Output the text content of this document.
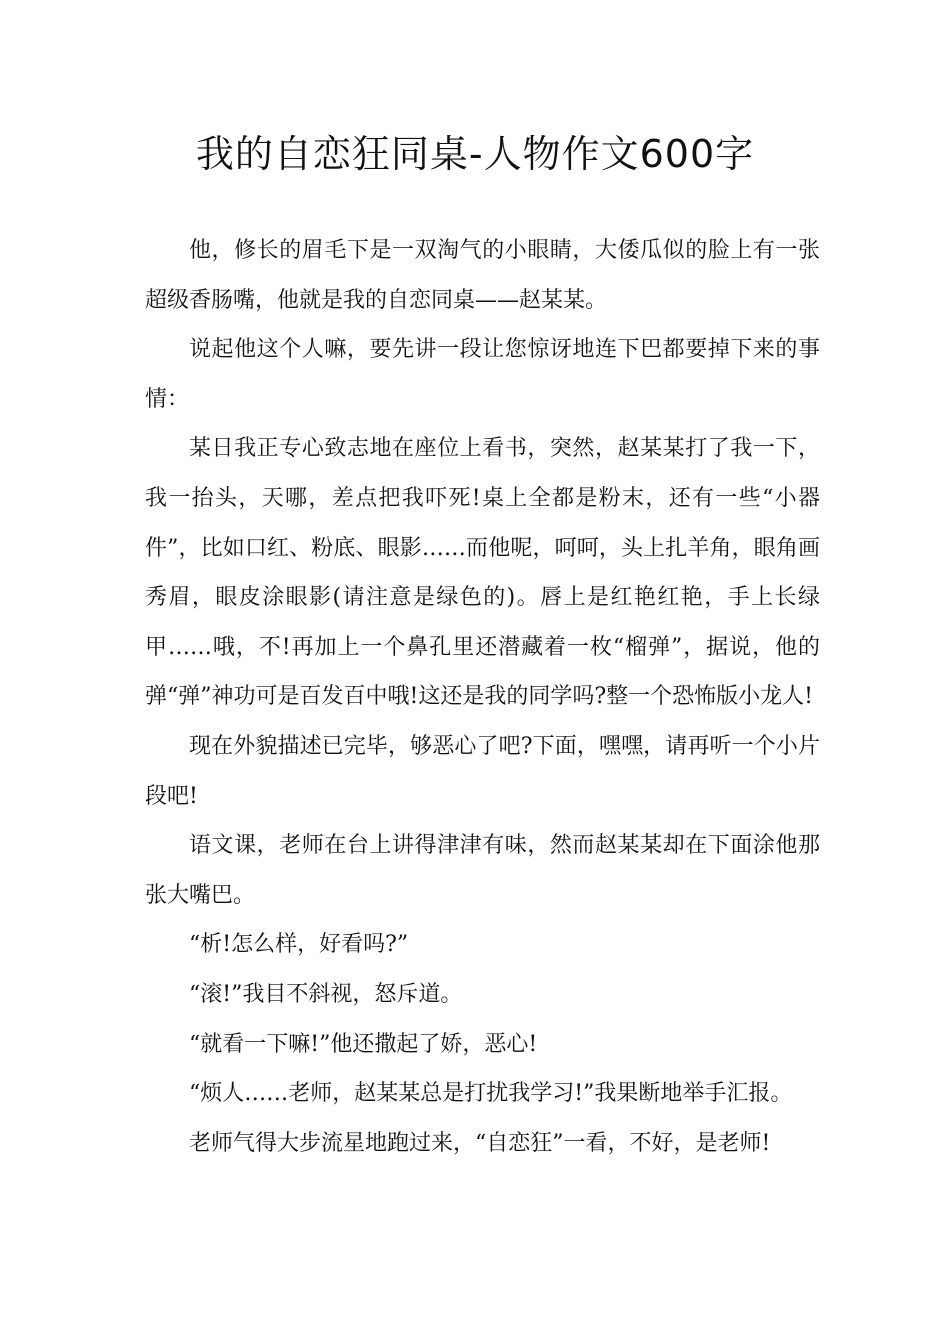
我的自恋狂同桌-人物作文600字

他，修长的眉毛下是一双淘气的小眼睛，大倭瓜似的脸上有一张超级香肠嘴，他就是我的自恋同桌——赵某某。

说起他这个人嘛，要先讲一段让您惊讶地连下巴都要掉下来的事情：

某日我正专心致志地在座位上看书，突然，赵某某打了我一下，我一抬头，天哪，差点把我吓死!桌上全都是粉末，还有一些“小器件”，比如口红、粉底、眼影……而他呢，呵呵，头上扎羊角，眼角画秀眉，眼皮涂眼影(请注意是绿色的)。唇上是红艳红艳，手上长绿甲……哦，不!再加上一个鼻孔里还潜藏着一枚“榴弹”，据说，他的弹“弹”神功可是百发百中哦!这还是我的同学吗?整一个恐怖版小龙人!

现在外貌描述已完毕，够恶心了吧?下面，嘿嘿，请再听一个小片段吧!

语文课，老师在台上讲得津津有味，然而赵某某却在下面涂他那张大嘴巴。

“析!怎么样，好看吗?”

“滚!”我目不斜视，怒斥道。

“就看一下嘛!”他还撒起了娇，恶心!

“烦人……老师，赵某某总是打扰我学习!”我果断地举手汇报。

老师气得大步流星地跑过来，“自恋狂”一看，不好，是老师!
